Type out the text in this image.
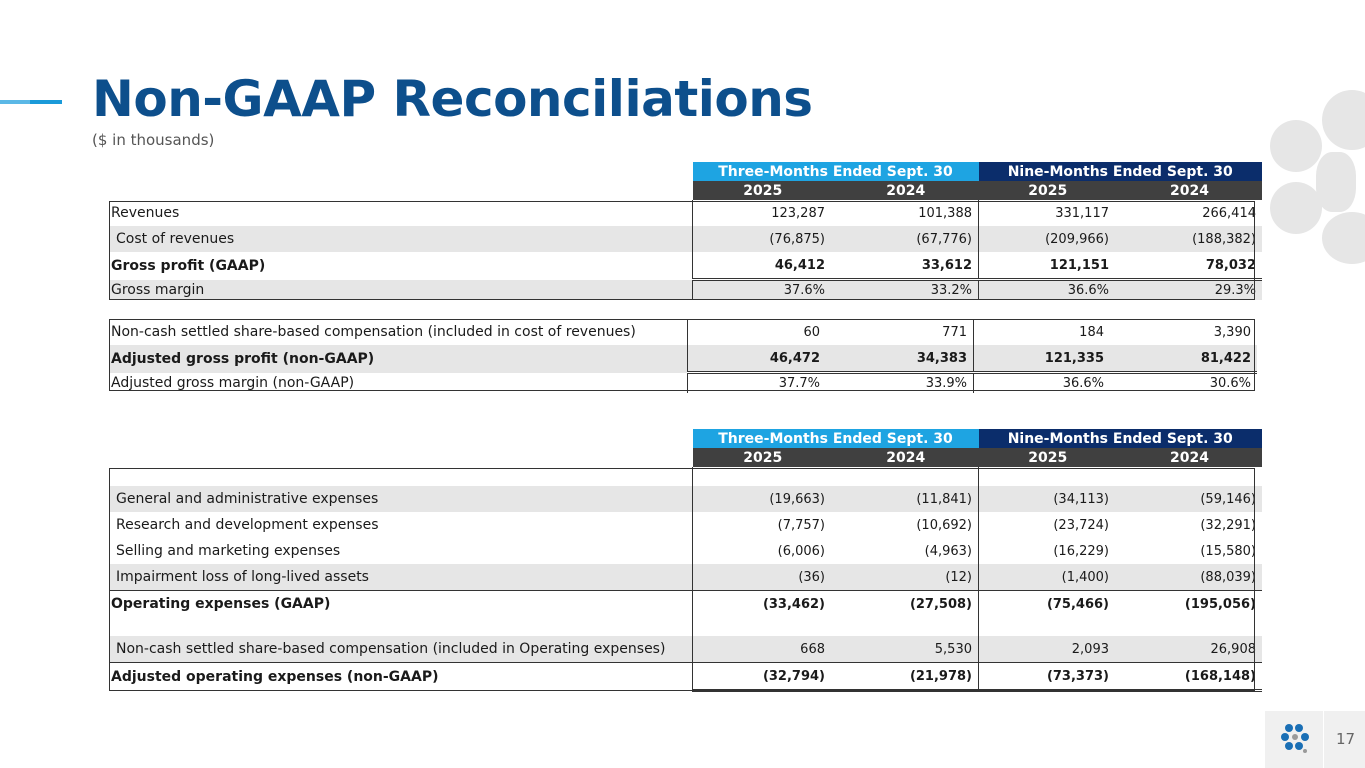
Non-GAAP Reconciliations
($ in thousands)
	Three-Months Ended Sept. 30		Nine-Months Ended Sept. 30	
	2025	2024	2025	2024
Revenues	123,287	101,388	331,117	266,414
Cost of revenues	(76,875)	(67,776)	(209,966)	(188,382)
Gross profit (GAAP)	46,412	33,612	121,151	78,032
Gross margin	37.6%	33.2%	36.6%	29.3%
Non-cash settled share-based compensation (included in cost of revenues)	60	771	184	3,390
Adjusted gross profit (non-GAAP)	46,472	34,383	121,335	81,422
Adjusted gross margin (non-GAAP)	37.7%	33.9%	36.6%	30.6%
	Three-Months Ended Sept. 30		Nine-Months Ended Sept. 30	
	2025	2024	2025	2024

General and administrative expenses	(19,663)	(11,841)	(34,113)	(59,146)
Research and development expenses	(7,757)	(10,692)	(23,724)	(32,291)
Selling and marketing expenses	(6,006)	(4,963)	(16,229)	(15,580)
Impairment loss of long-lived assets	(36)	(12)	(1,400)	(88,039)
Operating expenses (GAAP)	(33,462)	(27,508)	(75,466)	(195,056)

Non-cash settled share-based compensation (included in Operating expenses)	668	5,530	2,093	26,908
Adjusted operating expenses (non-GAAP)	(32,794)	(21,978)	(73,373)	(168,148)
17
